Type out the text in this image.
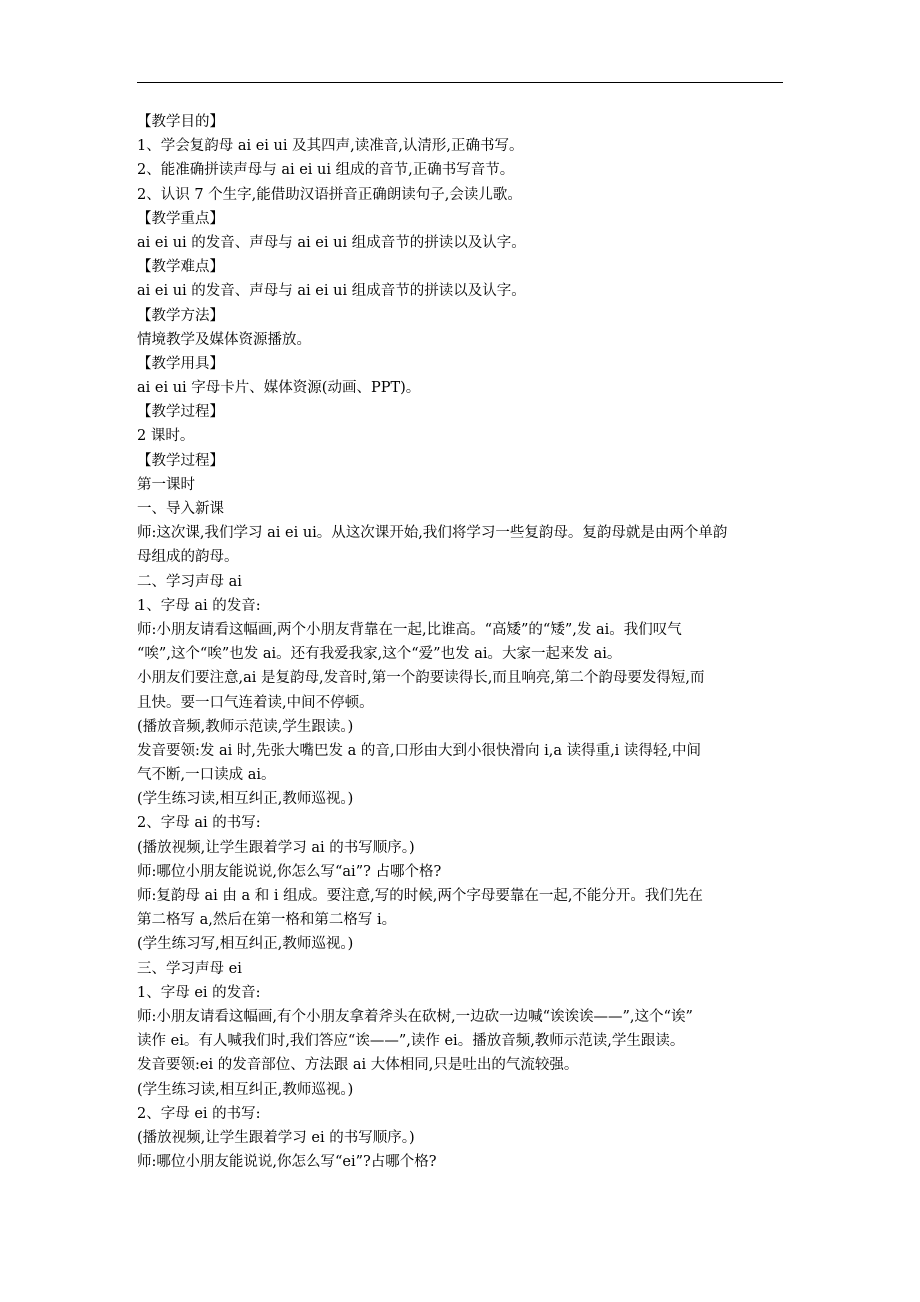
【教学目的】
1、学会复韵母 ai ei ui 及其四声,读准音,认清形,正确书写。
2、能准确拼读声母与 ai ei ui 组成的音节,正确书写音节。
2、认识 7 个生字,能借助汉语拼音正确朗读句子,会读儿歌。
【教学重点】
ai ei ui 的发音、声母与 ai ei ui 组成音节的拼读以及认字。
【教学难点】
ai ei ui 的发音、声母与 ai ei ui 组成音节的拼读以及认字。
【教学方法】
情境教学及媒体资源播放。
【教学用具】
ai ei ui 字母卡片、媒体资源(动画、PPT)。
【教学过程】
2 课时。
【教学过程】
第一课时
一、导入新课
师:这次课,我们学习 ai ei ui。从这次课开始,我们将学习一些复韵母。复韵母就是由两个单韵
母组成的韵母。
二、学习声母 ai
1、字母 ai 的发音:
师:小朋友请看这幅画,两个小朋友背靠在一起,比谁高。“高矮”的“矮”,发 ai。我们叹气
“唉”,这个“唉”也发 ai。还有我爱我家,这个“爱”也发 ai。大家一起来发 ai。
小朋友们要注意,ai 是复韵母,发音时,第一个韵要读得长,而且响亮,第二个韵母要发得短,而
且快。要一口气连着读,中间不停顿。
(播放音频,教师示范读,学生跟读。)
发音要领:发 ai 时,先张大嘴巴发 a 的音,口形由大到小很快滑向 i,a 读得重,i 读得轻,中间
气不断,一口读成 ai。
(学生练习读,相互纠正,教师巡视。)
2、字母 ai 的书写:
(播放视频,让学生跟着学习 ai 的书写顺序。)
师:哪位小朋友能说说,你怎么写“ai”? 占哪个格?
师:复韵母 ai 由 a 和 i 组成。要注意,写的时候,两个字母要靠在一起,不能分开。我们先在
第二格写 a,然后在第一格和第二格写 i。
(学生练习写,相互纠正,教师巡视。)
三、学习声母 ei
1、字母 ei 的发音:
师:小朋友请看这幅画,有个小朋友拿着斧头在砍树,一边砍一边喊“诶诶诶——”,这个“诶”
读作 ei。有人喊我们时,我们答应“诶——”,读作 ei。播放音频,教师示范读,学生跟读。
发音要领:ei 的发音部位、方法跟 ai 大体相同,只是吐出的气流较强。
(学生练习读,相互纠正,教师巡视。)
2、字母 ei 的书写:
(播放视频,让学生跟着学习 ei 的书写顺序。)
师:哪位小朋友能说说,你怎么写“ei”?占哪个格?
